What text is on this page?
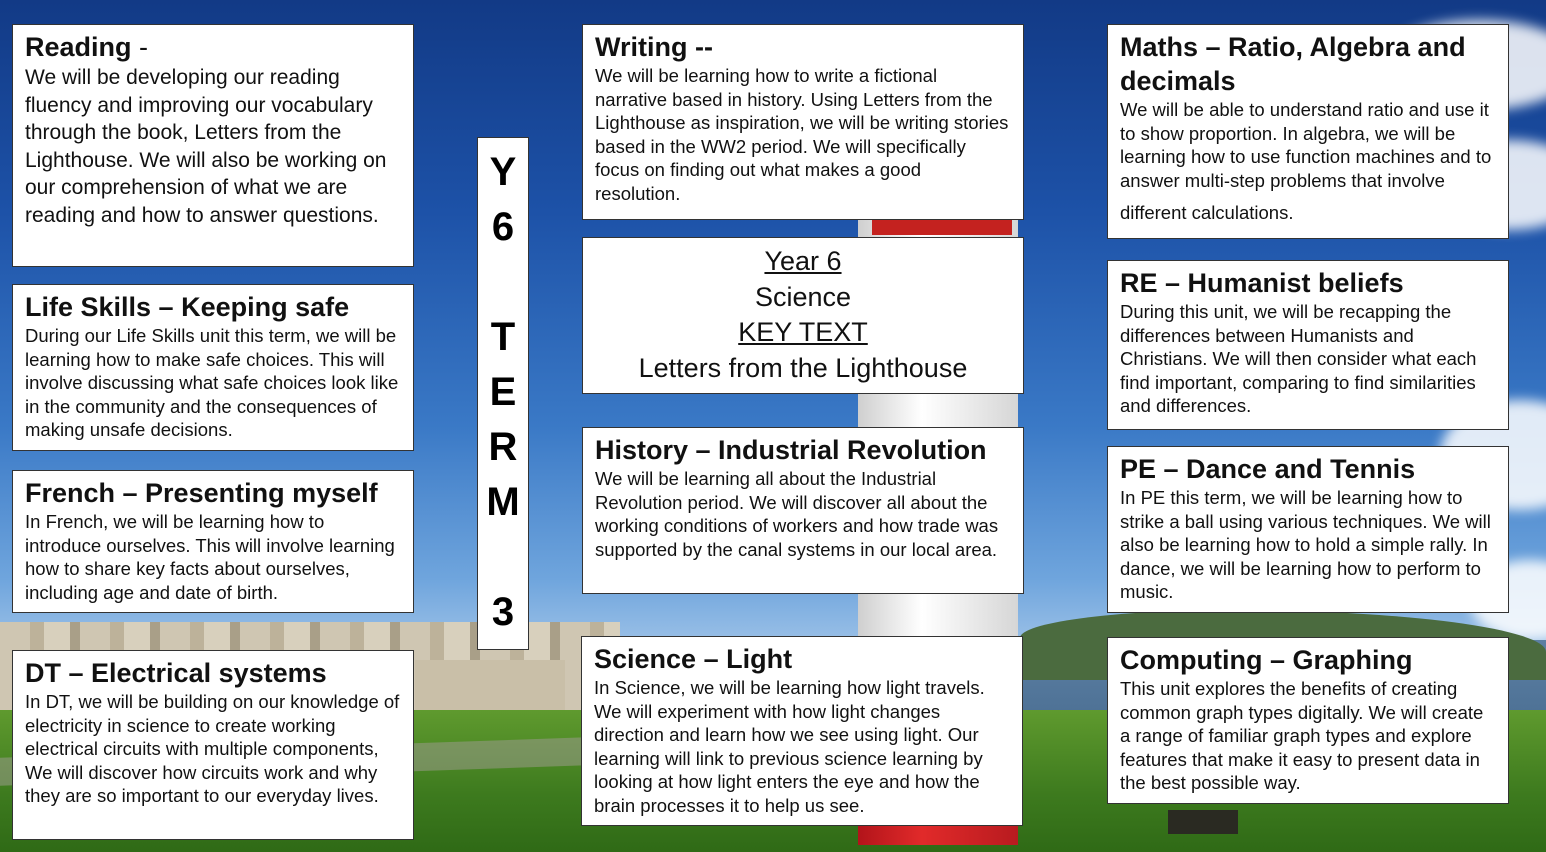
Y
6
T
E
R
M
3
Reading -

We will be developing our reading fluency and improving our vocabulary through the book, Letters from the Lighthouse. We will also be working on our comprehension of what we are reading and how to answer questions.

Life Skills – Keeping safe

During our Life Skills unit this term, we will be learning how to make safe choices. This will involve discussing what safe choices look like in the community and the consequences of making unsafe decisions.

French – Presenting myself

In French, we will be learning how to introduce ourselves. This will involve learning how to share key facts about ourselves, including age and date of birth.

DT – Electrical systems

In DT, we will be building on our knowledge of electricity in science to create working electrical circuits with multiple components, We will discover how circuits work and why they are so important to our everyday lives.

Writing --

We will be learning how to write a fictional narrative based in history. Using Letters from the Lighthouse as inspiration, we will be writing stories based in the WW2 period. We will specifically focus on finding out what makes a good resolution.

Year 6
Science
KEY TEXT
Letters from the Lighthouse
History – Industrial Revolution

We will be learning all about the Industrial Revolution period. We will discover all about the working conditions of workers and how trade was supported by the canal systems in our local area.

Science – Light

In Science, we will be learning how light travels. We will experiment with how light changes direction and learn how we see using light. Our learning will link to previous science learning by looking at how light enters the eye and how the brain processes it to help us see.

Maths – Ratio, Algebra and decimals

We will be able to understand ratio and use it to show proportion. In algebra, we will be learning how to use function machines and to answer multi-step problems that involve

different calculations.

RE – Humanist beliefs

During this unit, we will be recapping the differences between Humanists and Christians. We will then consider what each find important, comparing to find similarities and differences.

PE – Dance and Tennis

In PE this term, we will be learning how to strike a ball using various techniques. We will also be learning how to hold a simple rally. In dance, we will be learning how to perform to music.

Computing – Graphing

This unit explores the benefits of creating common graph types digitally. We will create a range of familiar graph types and explore features that make it easy to present data in the best possible way.
